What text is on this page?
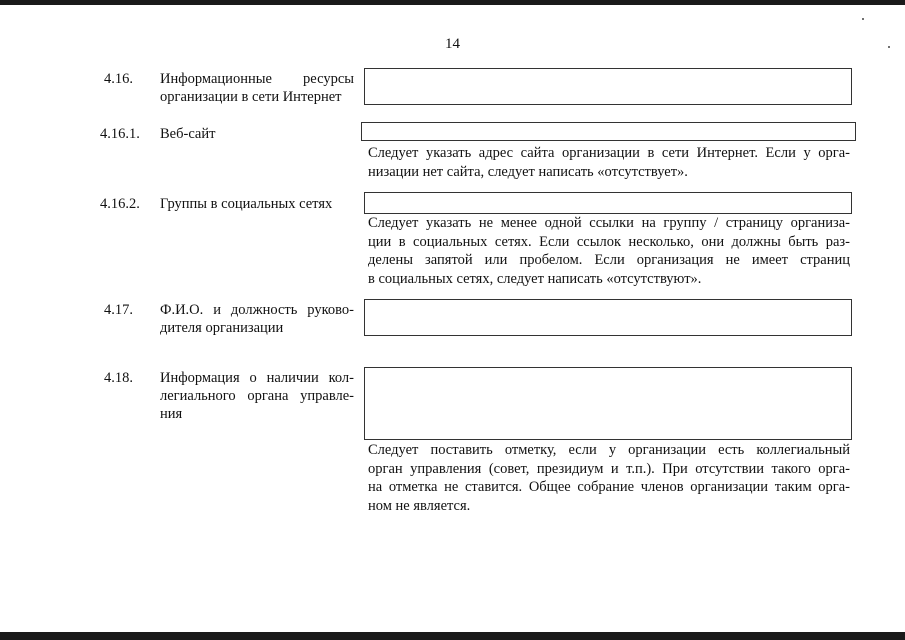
14
4.16. Информационные ресурсы
организации в сети Интернет
4.16.1. Веб-сайт
Следует указать адрес сайта организации в сети Интернет. Если у орга-
низации нет сайта, следует написать «отсутствует».
4.16.2. Группы в социальных сетях
Следует указать не менее одной ссылки на группу / страницу организа-
ции в социальных сетях. Если ссылок несколько, они должны быть раз-
делены запятой или пробелом. Если организация не имеет страниц
в социальных сетях, следует написать «отсутствуют».
4.17. Ф.И.О. и должность руково-
дителя организации
4.18. Информация о наличии кол-
легиального органа управле-
ния
Следует поставить отметку, если у организации есть коллегиальный
орган управления (совет, президиум и т.п.). При отсутствии такого орга-
на отметка не ставится. Общее собрание членов организации таким орга-
ном не является.
